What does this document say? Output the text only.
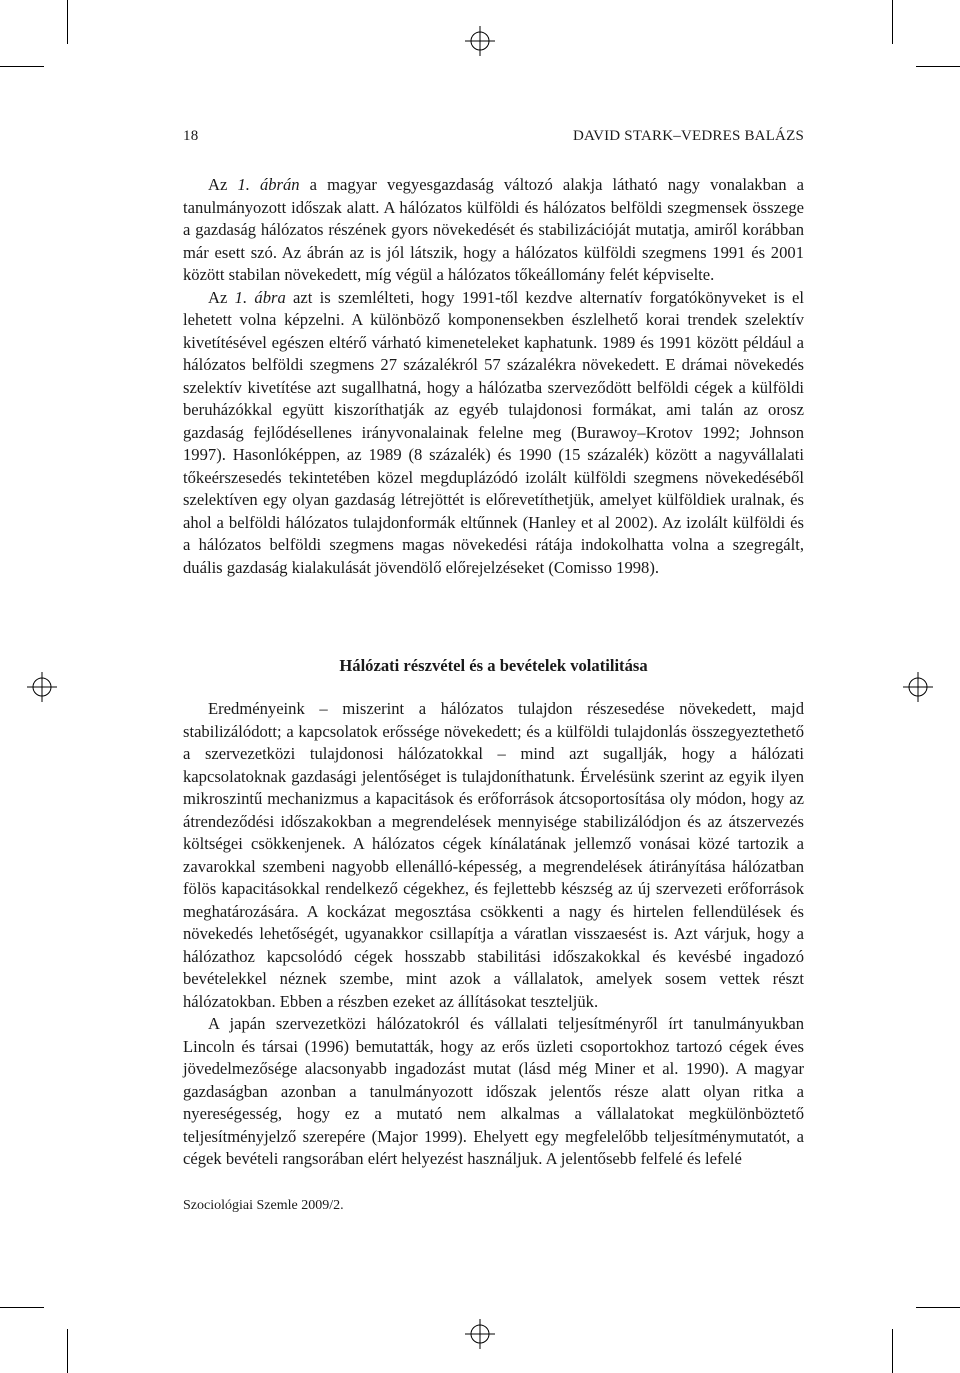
18	DAVID STARK–VEDRES BALÁZS

Az 1. ábrán a magyar vegyesgazdaság változó alakja látható nagy vonalakban a tanulmányozott időszak alatt. A hálózatos külföldi és hálózatos belföldi szegmensek összege a gazdaság hálózatos részének gyors növekedését és stabilizációját mutatja, amiről korábban már esett szó. Az ábrán az is jól látszik, hogy a hálózatos külföldi szegmens 1991 és 2001 között stabilan növekedett, míg végül a hálózatos tőkeállomány felét képviselte.

Az 1. ábra azt is szemlélteti, hogy 1991-től kezdve alternatív forgatókönyveket is el lehetett volna képzelni. A különböző komponensekben észlelhető korai trendek szelektív kivetítésével egészen eltérő várható kimeneteleket kaphatunk. 1989 és 1991 között például a hálózatos belföldi szegmens 27 százalékról 57 százalékra növekedett. E drámai növekedés szelektív kivetítése azt sugallhatná, hogy a hálózatba szerveződött belföldi cégek a külföldi beruházókkal együtt kiszoríthatják az egyéb tulajdonosi formákat, ami talán az orosz gazdaság fejlődésellenes irányvonalainak felelne meg (Burawoy–Krotov 1992; Johnson 1997). Hasonlóképpen, az 1989 (8 százalék) és 1990 (15 százalék) között a nagyvállalati tőkeérszesedés tekintetében közel megduplázódó izolált külföldi szegmens növekedéséből szelektíven egy olyan gazdaság létrejöttét is előrevetíthetjük, amelyet külföldiek uralnak, és ahol a belföldi hálózatos tulajdonformák eltűnnek (Hanley et al 2002). Az izolált külföldi és a hálózatos belföldi szegmens magas növekedési rátája indokolhatta volna a szegregált, duális gazdaság kialakulását jövendölő előrejelzéseket (Comisso 1998).

Hálózati részvétel és a bevételek volatilitása

Eredményeink – miszerint a hálózatos tulajdon részesedése növekedett, majd stabilizálódott; a kapcsolatok erőssége növekedett; és a külföldi tulajdonlás összegyeztethető a szervezetközi tulajdonosi hálózatokkal – mind azt sugallják, hogy a hálózati kapcsolatoknak gazdasági jelentőséget is tulajdoníthatunk. Érvelésünk szerint az egyik ilyen mikroszintű mechanizmus a kapacitások és erőforrások átcsoportosítása oly módon, hogy az átrendeződési időszakokban a megrendelések mennyisége stabilizálódjon és az átszervezés költségei csökkenjenek. A hálózatos cégek kínálatának jellemző vonásai közé tartozik a zavarokkal szembeni nagyobb ellenálló-képesség, a megrendelések átirányítása hálózatban fölös kapacitásokkal rendelkező cégekhez, és fejlettebb készség az új szervezeti erőforrások meghatározására. A kockázat megosztása csökkenti a nagy és hirtelen fellendülések és növekedés lehetőségét, ugyanakkor csillapítja a váratlan visszaesést is. Azt várjuk, hogy a hálózathoz kapcsolódó cégek hosszabb stabilitási időszakokkal és kevésbé ingadozó bevételekkel néznek szembe, mint azok a vállalatok, amelyek sosem vettek részt hálózatokban. Ebben a részben ezeket az állításokat teszteljük.

A japán szervezetközi hálózatokról és vállalati teljesítményről írt tanulmányukban Lincoln és társai (1996) bemutatták, hogy az erős üzleti csoportokhoz tartozó cégek éves jövedelmezősége alacsonyabb ingadozást mutat (lásd még Miner et al. 1990). A magyar gazdaságban azonban a tanulmányozott időszak jelentős része alatt olyan ritka a nyereségesség, hogy ez a mutató nem alkalmas a vállalatokat megkülönböztető teljesítményjelző szerepére (Major 1999). Ehelyett egy megfelelőbb teljesítménymutatót, a cégek bevételi rangsorában elért helyezést használjuk. A jelentősebb felfelé és lefelé

Szociológiai Szemle 2009/2.
